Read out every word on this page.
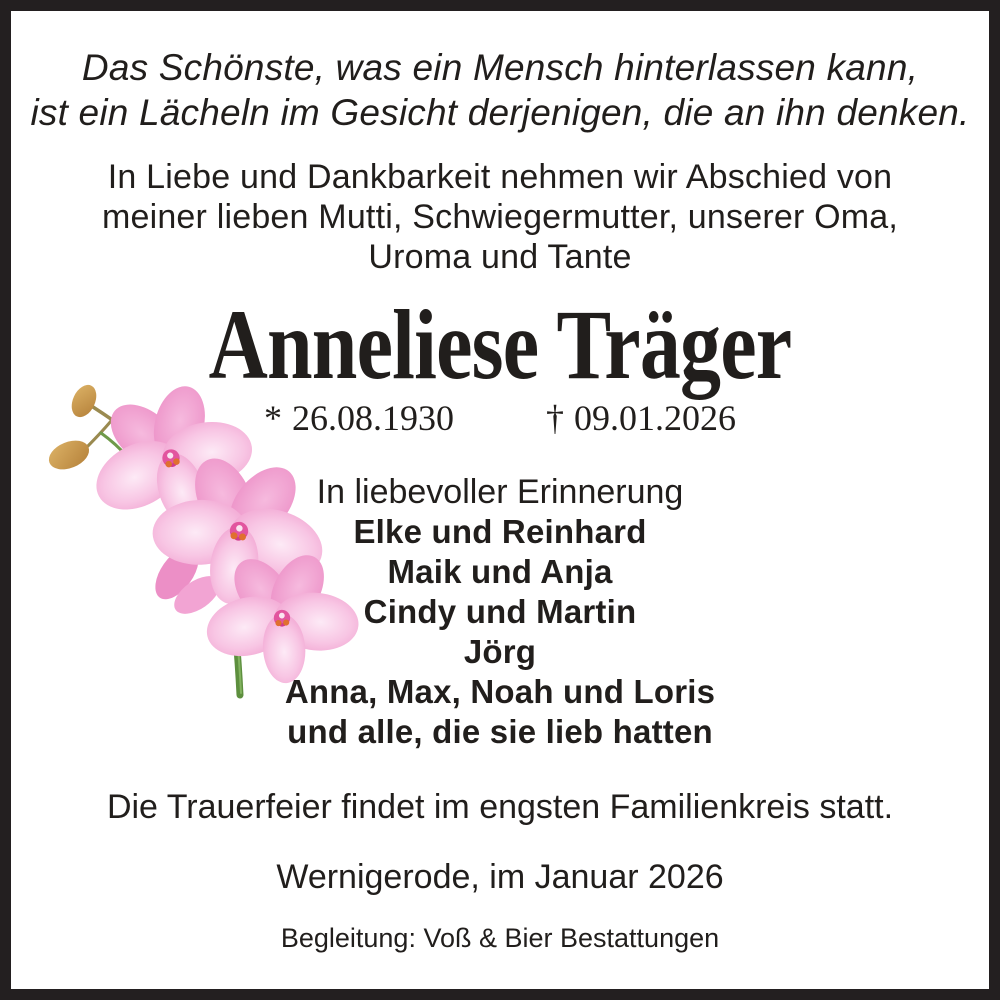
Das Schönste, was ein Mensch hinterlassen kann,
ist ein Lächeln im Gesicht derjenigen, die an ihn denken.
In Liebe und Dankbarkeit nehmen wir Abschied von
meiner lieben Mutti, Schwiegermutter, unserer Oma,
Uroma und Tante
Anneliese Träger
* 26.08.1930	† 09.01.2026
In liebevoller Erinnerung
Elke und Reinhard
Maik und Anja
Cindy und Martin
Jörg
Anna, Max, Noah und Loris
und alle, die sie lieb hatten
Die Trauerfeier findet im engsten Familienkreis statt.
Wernigerode, im Januar 2026
Begleitung: Voß & Bier Bestattungen
